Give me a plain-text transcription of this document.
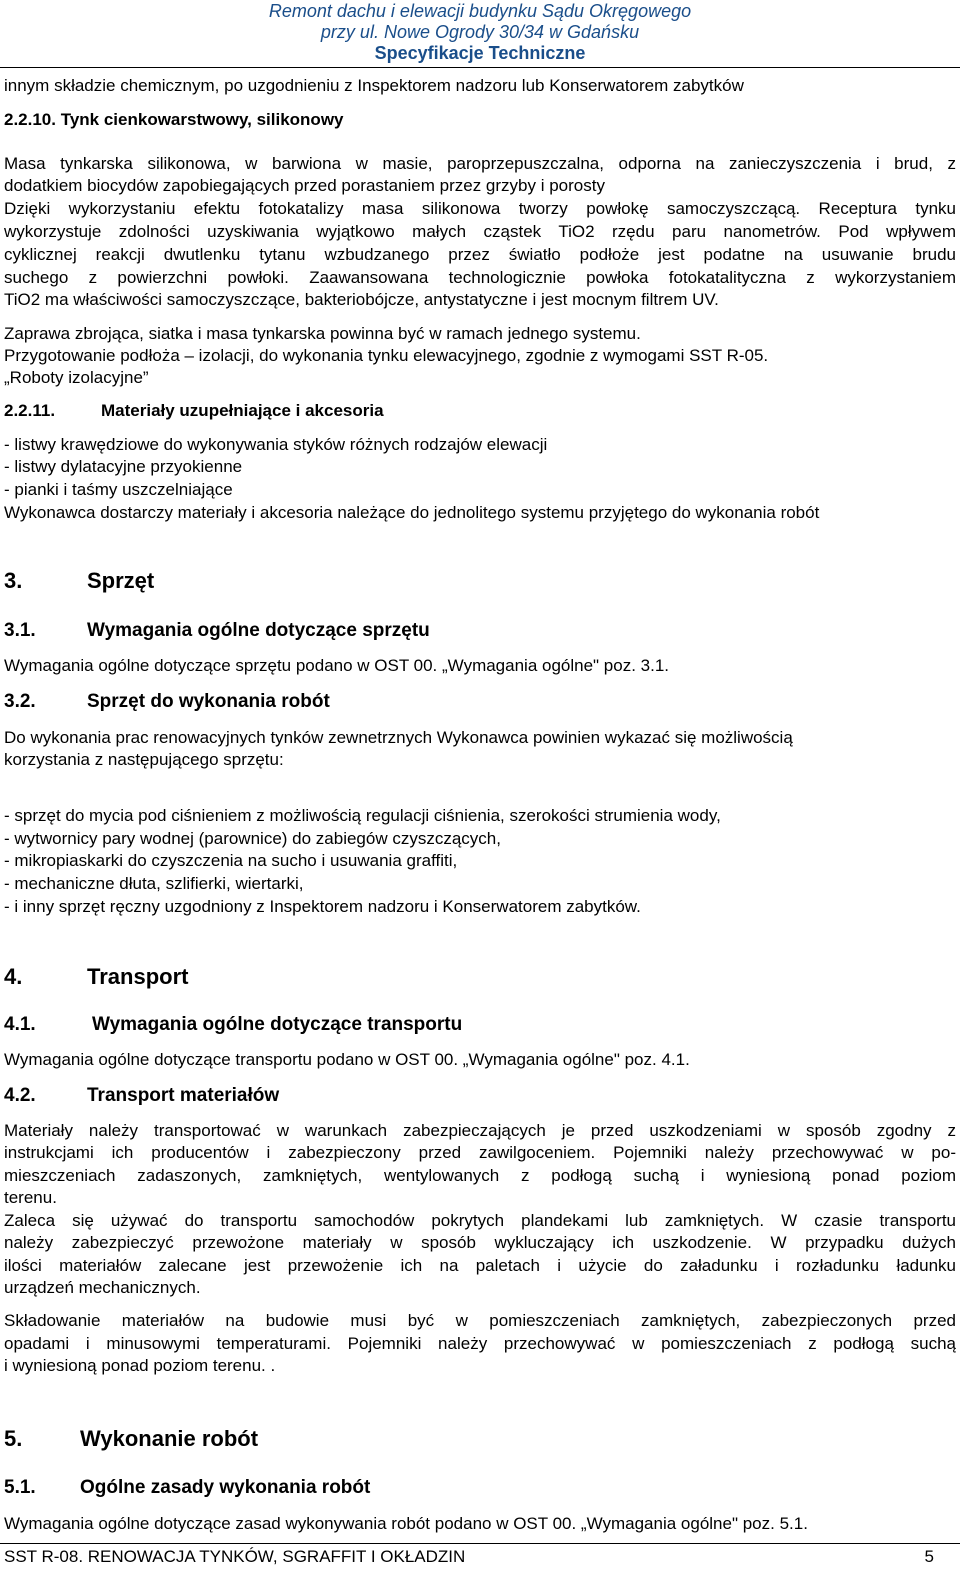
Remont dachu i elewacji budynku Sądu Okręgowego
przy ul. Nowe Ogrody 30/34 w Gdańsku
Specyfikacje Techniczne
innym składzie chemicznym, po uzgodnieniu z Inspektorem nadzoru lub Konserwatorem zabytków
2.2.10. Tynk cienkowarstwowy, silikonowy
Masa tynkarska silikonowa, w barwiona w masie, paroprzepuszczalna, odporna na zanieczyszczenia i brud, z
dodatkiem biocydów zapobiegających przed porastaniem przez grzyby i porosty
Dzięki wykorzystaniu efektu fotokatalizy masa silikonowa tworzy powłokę samoczyszczącą. Receptura tynku
wykorzystuje zdolności uzyskiwania wyjątkowo małych cząstek TiO2 rzędu paru nanometrów. Pod wpływem
cyklicznej reakcji dwutlenku tytanu wzbudzanego przez światło podłoże jest podatne na usuwanie brudu
suchego z powierzchni powłoki. Zaawansowana technologicznie powłoka fotokatalityczna z wykorzystaniem
TiO2 ma właściwości samoczyszczące, bakteriobójcze, antystatyczne i jest mocnym filtrem UV.
Zaprawa zbrojąca, siatka i masa tynkarska powinna być w ramach jednego systemu.
Przygotowanie podłoża – izolacji, do wykonania tynku elewacyjnego, zgodnie z wymogami SST R-05.
„Roboty izolacyjne”
2.2.11.	Materiały uzupełniające i akcesoria
- listwy krawędziowe do wykonywania styków różnych rodzajów elewacji
- listwy dylatacyjne przyokienne
- pianki i taśmy uszczelniające
Wykonawca dostarczy materiały i akcesoria należące do jednolitego systemu przyjętego do wykonania robót
3.	Sprzęt
3.1.	Wymagania ogólne dotyczące sprzętu
Wymagania ogólne dotyczące sprzętu podano w OST 00. „Wymagania ogólne" poz. 3.1.
3.2.	Sprzęt do wykonania robót
Do wykonania prac renowacyjnych tynków zewnetrznych Wykonawca powinien wykazać się możliwością
korzystania z następującego sprzętu:
- sprzęt do mycia pod ciśnieniem z możliwością regulacji ciśnienia, szerokości strumienia wody,
- wytwornicy pary wodnej (parownice) do zabiegów czyszczących,
- mikropiaskarki do czyszczenia na sucho i usuwania graffiti,
- mechaniczne dłuta, szlifierki, wiertarki,
- i inny sprzęt ręczny uzgodniony z Inspektorem nadzoru i Konserwatorem zabytków.
4.	Transport
4.1.	Wymagania ogólne dotyczące transportu
Wymagania ogólne dotyczące transportu podano w OST 00. „Wymagania ogólne" poz. 4.1.
4.2.	Transport materiałów
Materiały należy transportować w warunkach zabezpieczających je przed uszkodzeniami w sposób zgodny z
instrukcjami ich producentów i zabezpieczony przed zawilgoceniem. Pojemniki należy przechowywać w po-
mieszczeniach zadaszonych, zamkniętych, wentylowanych z podłogą suchą i wyniesioną ponad poziom
terenu.
Zaleca się używać do transportu samochodów pokrytych plandekami lub zamkniętych. W czasie transportu
należy zabezpieczyć przewożone materiały w sposób wykluczający ich uszkodzenie. W przypadku dużych
ilości materiałów zalecane jest przewożenie ich na paletach i użycie do załadunku i rozładunku ładunku
urządzeń mechanicznych.
Składowanie materiałów na budowie musi być w pomieszczeniach zamkniętych, zabezpieczonych przed
opadami i minusowymi temperaturami. Pojemniki należy przechowywać w pomieszczeniach z podłogą suchą
i wyniesioną ponad poziom terenu. .
5.	Wykonanie robót
5.1. Ogólne zasady wykonania robót
Wymagania ogólne dotyczące zasad wykonywania robót podano w OST 00. „Wymagania ogólne" poz. 5.1.
SST R-08. RENOWACJA TYNKÓW, SGRAFFIT I OKŁADZIN	5
